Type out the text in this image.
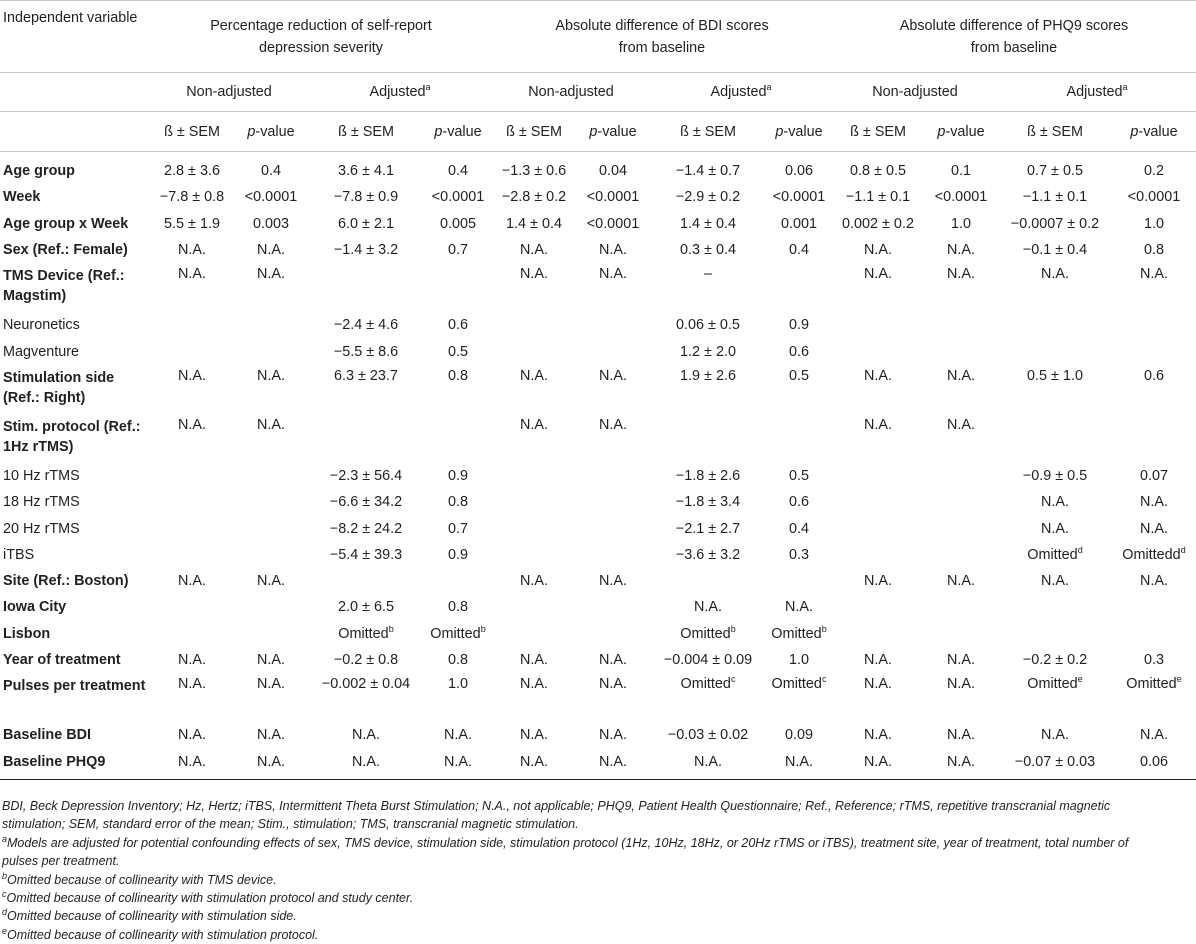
Independent variable	Percentage reduction of self-report depression severity				Absolute difference of BDI scores from baseline				Absolute difference of PHQ9 scores from baseline			
	Non-adjusted		Adjusted$^a$		Non-adjusted		Adjusted$^a$		Non-adjusted		Adjusted$^a$
	ß ± SEM	p-value	ß ± SEM	p-value	ß ± SEM	p-value	ß ± SEM	p-value	ß ± SEM	p-value	ß ± SEM	p-value
Age group	2.8 ± 3.6	0.4	3.6 ± 4.1	0.4	−1.3 ± 0.6	0.04	−1.4 ± 0.7	0.06	0.8 ± 0.5	0.1	0.7 ± 0.5	0.2
Week	−7.8 ± 0.8	<0.0001	−7.8 ± 0.9	<0.0001	−2.8 ± 0.2	<0.0001	−2.9 ± 0.2	<0.0001	−1.1 ± 0.1	<0.0001	−1.1 ± 0.1	<0.0001
Age group x Week	5.5 ± 1.9	0.003	6.0 ± 2.1	0.005	1.4 ± 0.4	<0.0001	1.4 ± 0.4	0.001	0.002 ± 0.2	1.0	−0.0007 ± 0.2	1.0
Sex (Ref.: Female)	N.A.	N.A.	−1.4 ± 3.2	0.7	N.A.	N.A.	0.3 ± 0.4	0.4	N.A.	N.A.	−0.1 ± 0.4	0.8
TMS Device (Ref.: Magstim)	N.A.	N.A.			N.A.	N.A.	–		N.A.	N.A.	N.A.	N.A.
Neuronetics			−2.4 ± 4.6	0.6			0.06 ± 0.5	0.9				
Magventure			−5.5 ± 8.6	0.5			1.2 ± 2.0	0.6				
Stimulation side (Ref.: Right)	N.A.	N.A.	6.3 ± 23.7	0.8	N.A.	N.A.	1.9 ± 2.6	0.5	N.A.	N.A.	0.5 ± 1.0	0.6
Stim. protocol (Ref.: 1Hz rTMS)	N.A.	N.A.			N.A.	N.A.			N.A.	N.A.		
10 Hz rTMS			−2.3 ± 56.4	0.9			−1.8 ± 2.6	0.5			−0.9 ± 0.5	0.07
18 Hz rTMS			−6.6 ± 34.2	0.8			−1.8 ± 3.4	0.6			N.A.	N.A.
20 Hz rTMS			−8.2 ± 24.2	0.7			−2.1 ± 2.7	0.4			N.A.	N.A.
iTBS			−5.4 ± 39.3	0.9			−3.6 ± 3.2	0.3			Omitted$^d$	Omittedd$^d$
Site (Ref.: Boston)	N.A.	N.A.			N.A.	N.A.			N.A.	N.A.	N.A.	N.A.
Iowa City			2.0 ± 6.5	0.8			N.A.	N.A.				
Lisbon			Omitted$^b$	Omitted$^b$			Omitted$^b$	Omitted$^b$				
Year of treatment	N.A.	N.A.	−0.2 ± 0.8	0.8	N.A.	N.A.	−0.004 ± 0.09	1.0	N.A.	N.A.	−0.2 ± 0.2	0.3
Pulses per treatment	N.A.	N.A.	−0.002 ± 0.04	1.0	N.A.	N.A.	Omitted$^c$	Omitted$^c$	N.A.	N.A.	Omitted$^e$	Omitted$^e$
Baseline BDI	N.A.	N.A.	N.A.	N.A.	N.A.	N.A.	−0.03 ± 0.02	0.09	N.A.	N.A.	N.A.	N.A.
Baseline PHQ9	N.A.	N.A.	N.A.	N.A.	N.A.	N.A.	N.A.	N.A.	N.A.	N.A.	−0.07 ± 0.03	0.06

BDI, Beck Depression Inventory; Hz, Hertz; iTBS, Intermittent Theta Burst Stimulation; N.A., not applicable; PHQ9, Patient Health Questionnaire; Ref., Reference; rTMS, repetitive transcranial magnetic stimulation; SEM, standard error of the mean; Stim., stimulation; TMS, transcranial magnetic stimulation.

$^a$Models are adjusted for potential confounding effects of sex, TMS device, stimulation side, stimulation protocol (1Hz, 10Hz, 18Hz, or 20Hz rTMS or iTBS), treatment site, year of treatment, total number of pulses per treatment.

$^b$Omitted because of collinearity with TMS device.

$^c$Omitted because of collinearity with stimulation protocol and study center.

$^d$Omitted because of collinearity with stimulation side.

$^e$Omitted because of collinearity with stimulation protocol.
